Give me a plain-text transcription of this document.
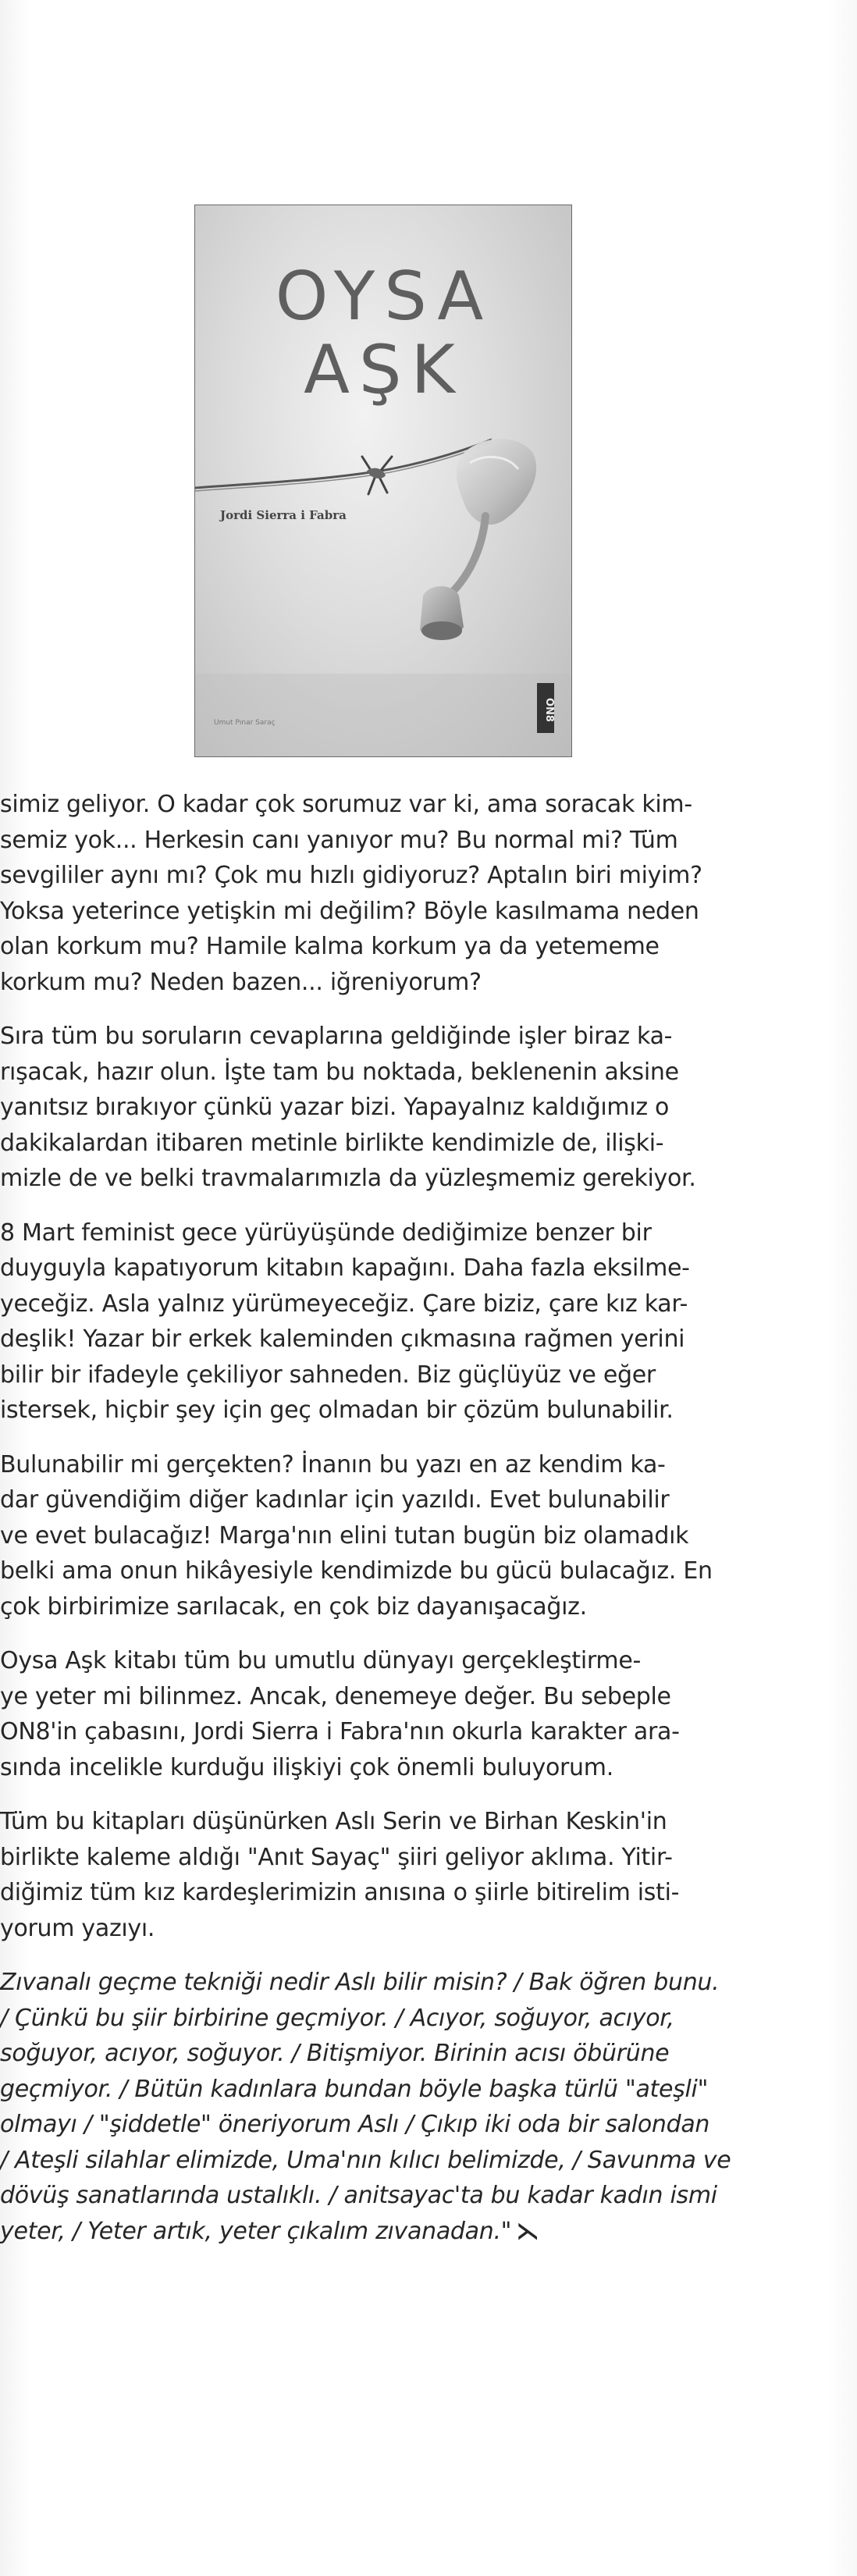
OYSA
AŞK
Jordi Sierra i Fabra
Umut Pınar Saraç
ON8
simiz geliyor. O kadar çok sorumuz var ki, ama soracak kim-
semiz yok... Herkesin canı yanıyor mu? Bu normal mi? Tüm
sevgililer aynı mı? Çok mu hızlı gidiyoruz? Aptalın biri miyim?
Yoksa yeterince yetişkin mi değilim? Böyle kasılmama neden
olan korkum mu? Hamile kalma korkum ya da yetememe
korkum mu? Neden bazen... iğreniyorum?
Sıra tüm bu soruların cevaplarına geldiğinde işler biraz ka-
rışacak, hazır olun. İşte tam bu noktada, beklenenin aksine
yanıtsız bırakıyor çünkü yazar bizi. Yapayalnız kaldığımız o
dakikalardan itibaren metinle birlikte kendimizle de, ilişki-
mizle de ve belki travmalarımızla da yüzleşmemiz gerekiyor.
8 Mart feminist gece yürüyüşünde dediğimize benzer bir
duyguyla kapatıyorum kitabın kapağını. Daha fazla eksilme-
yeceğiz. Asla yalnız yürümeyeceğiz. Çare biziz, çare kız kar-
deşlik! Yazar bir erkek kaleminden çıkmasına rağmen yerini
bilir bir ifadeyle çekiliyor sahneden. Biz güçlüyüz ve eğer
istersek, hiçbir şey için geç olmadan bir çözüm bulunabilir.
Bulunabilir mi gerçekten? İnanın bu yazı en az kendim ka-
dar güvendiğim diğer kadınlar için yazıldı. Evet bulunabilir
ve evet bulacağız! Marga'nın elini tutan bugün biz olamadık
belki ama onun hikâyesiyle kendimizde bu gücü bulacağız. En
çok birbirimize sarılacak, en çok biz dayanışacağız.
Oysa Aşk kitabı tüm bu umutlu dünyayı gerçekleştirme-
ye yeter mi bilinmez. Ancak, denemeye değer. Bu sebeple
ON8'in çabasını, Jordi Sierra i Fabra'nın okurla karakter ara-
sında incelikle kurduğu ilişkiyi çok önemli buluyorum.
Tüm bu kitapları düşünürken Aslı Serin ve Birhan Keskin'in
birlikte kaleme aldığı "Anıt Sayaç" şiiri geliyor aklıma. Yitir-
diğimiz tüm kız kardeşlerimizin anısına o şiirle bitirelim isti-
yorum yazıyı.
Zıvanalı geçme tekniği nedir Aslı bilir misin? / Bak öğren bunu.
/ Çünkü bu şiir birbirine geçmiyor. / Acıyor, soğuyor, acıyor,
soğuyor, acıyor, soğuyor. / Bitişmiyor. Birinin acısı öbürüne
geçmiyor. / Bütün kadınlara bundan böyle başka türlü "ateşli"
olmayı / "şiddetle" öneriyorum Aslı / Çıkıp iki oda bir salondan
/ Ateşli silahlar elimizde, Uma'nın kılıcı belimizde, / Savunma ve
dövüş sanatlarında ustalıklı. / anitsayac'ta bu kadar kadın ismi
yeter, / Yeter artık, yeter çıkalım zıvanadan." ⋋
